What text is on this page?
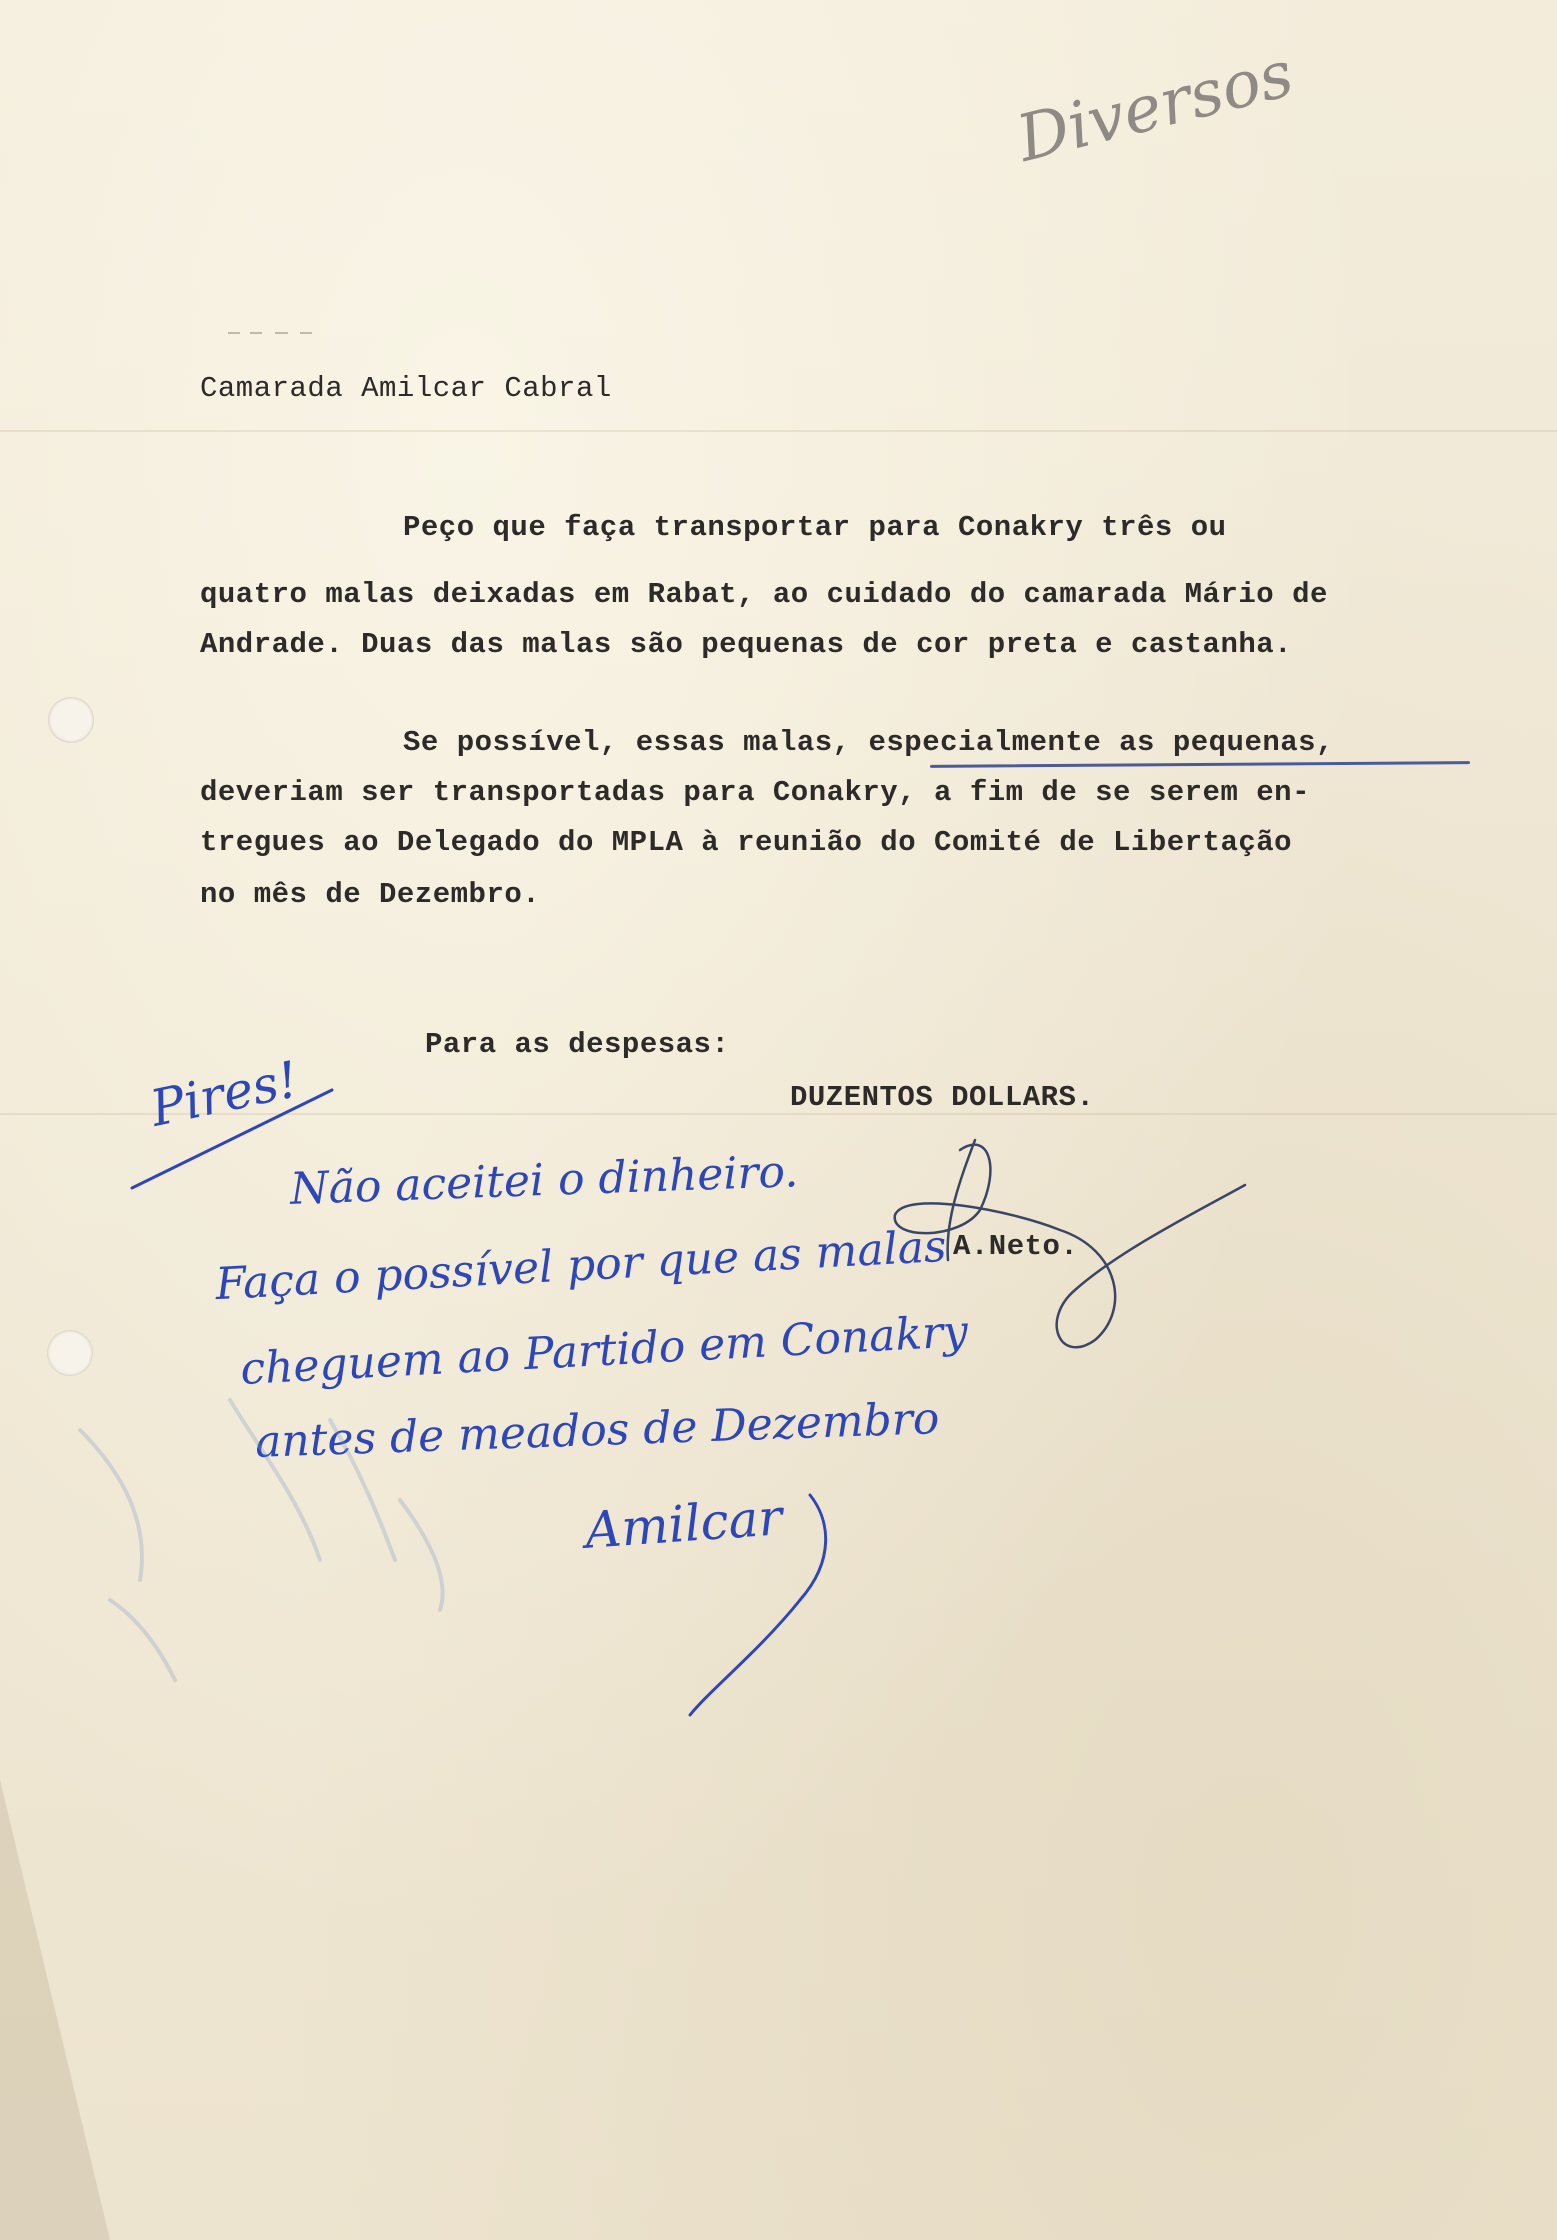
Diversos

Camarada Amilcar Cabral

Peço que faça transportar para Conakry três ou

quatro malas deixadas em Rabat, ao cuidado do camarada Mário de

Andrade. Duas das malas são pequenas de cor preta e castanha.

Se possível, essas malas, especialmente as pequenas,

deveriam ser transportadas para Conakry, a fim de se serem en-

tregues ao Delegado do MPLA à reunião do Comité de Libertação

no mês de Dezembro.

Para as despesas:

DUZENTOS DOLLARS.

A.Neto.

Pires!

Não aceitei o dinheiro.

Faça o possível por que as malas

cheguem ao Partido em Conakry

antes de meados de Dezembro

Amilcar
